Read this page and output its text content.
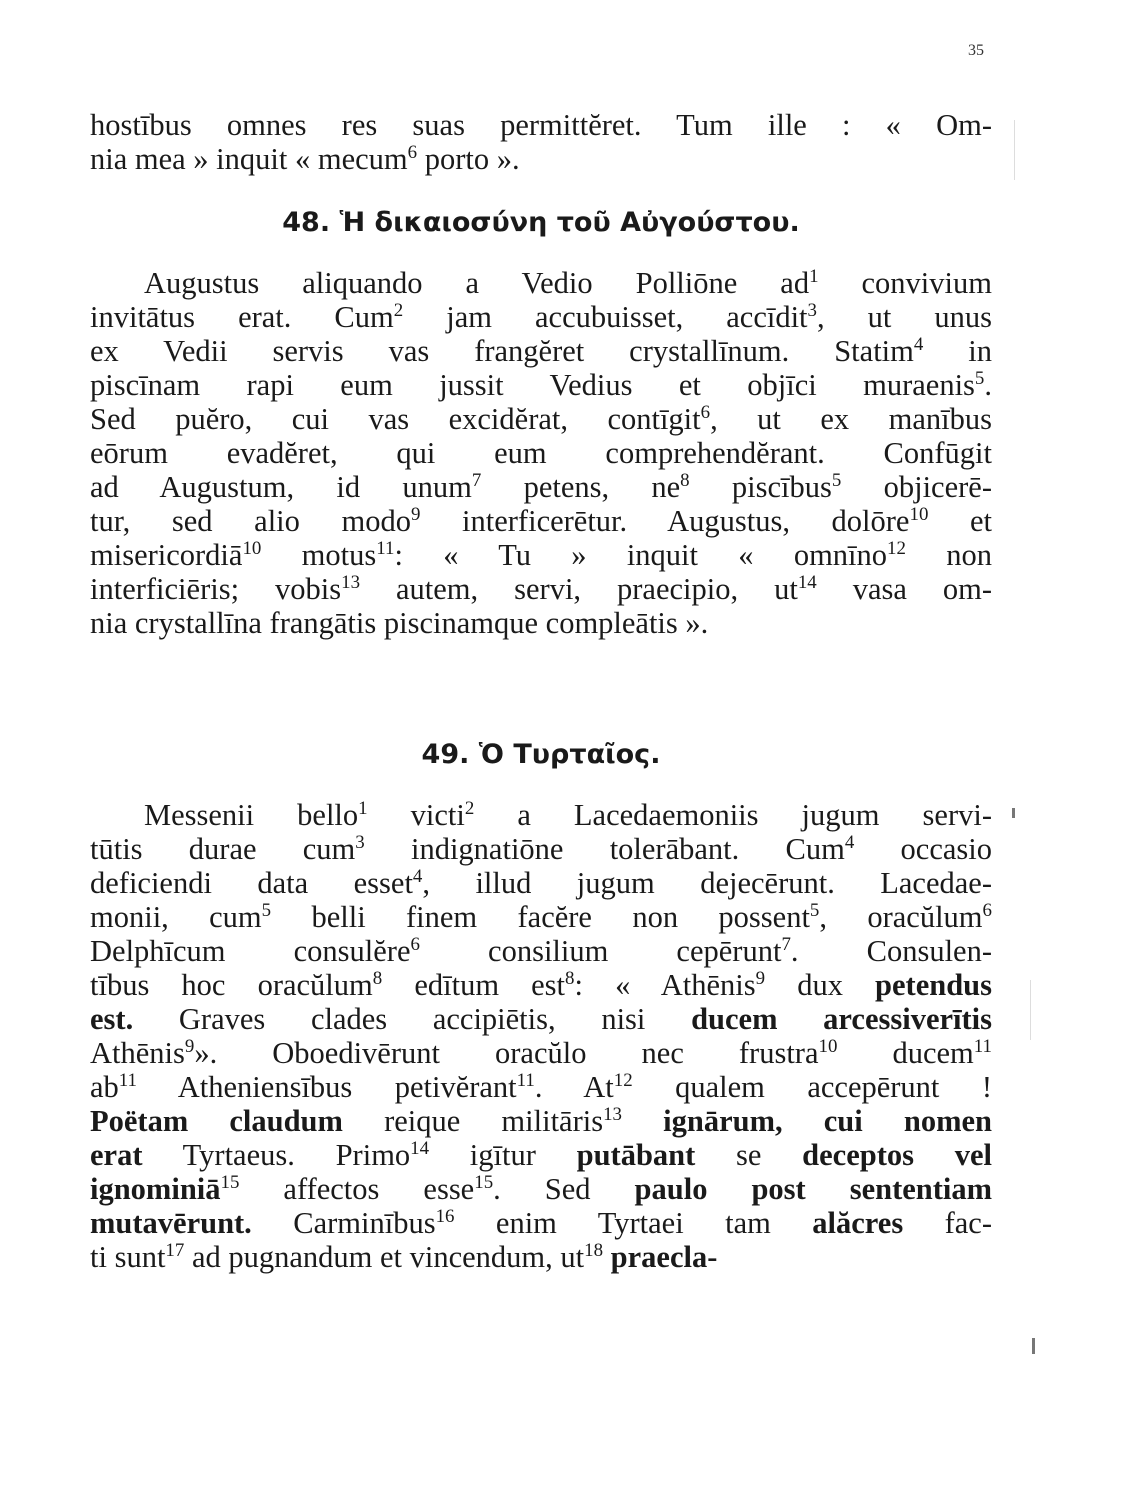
35
hostībus omnes res suas permittĕret. Tum ille : « Om-
nia mea » inquit « mecum$^6$ porto ».
48. Ἡ δικαιοσύνη τοῦ Αὐγούστου.
Augustus aliquando a Vedio Polliōne $ad^1$ convivium
invitātus erat. Cum$^2$ jam accubuisset, accīdit$^3$, ut unus
ex Vedii servis vas frangĕret crystallīnum. Statim$^4$ in
piscīnam rapi eum jussit Vedius et objīci muraenis$^5$.
Sed puĕro, cui vas excidĕrat, contīgit$^6$, ut ex manībus
eōrum evadĕret, qui eum comprehendĕrant. Confūgit
ad Augustum, id unum$^7$ petens, $ne^8$ piscībus$^5$ objicerē-
tur, sed alio modo$^9$ interficerētur. Augustus, dolōre$^{10}$ et
misericordiā$^{10}$ motus$^{11}$: « Tu » inquit « omnīno$^{12}$ non
interficiēris; vobis$^{13}$ autem, servi, praecipio, $ut^{14}$ vasa om-
nia crystallīna frangātis piscinamque compleātis ».
49. Ὁ Τυρταῖος.
Messenii bello$^1$ victi$^2$ a Lacedaemoniis jugum servi-
tūtis durae cum$^3$ indignatiōne tolerābant. Cum$^4$ occasio
deficiendi data esset$^4$, illud jugum dejecērunt. Lacedae-
monii, cum$^5$ belli finem facĕre non possent$^5$, oracŭlum$^6$
Delphīcum consulĕre$^6$ consilium cepērunt$^7$. Consulen-
tībus hoc oracŭlum$^8$ edītum est$^8$: « Athēnis$^9$ dux petendus
est. Graves clades accipiētis, nisi ducem arcessiverītis
Athēnis$^9$». Oboedivērunt oracŭlo nec frustra$^{10}$ ducem$^{11}$
$ab^{11}$ Atheniensībus petivĕrant$^{11}$. At$^{12}$ qualem accepērunt !
Poëtam claudum reique militāris$^{13}$ ignārum, cui nomen
erat Tyrtaeus. Primo$^{14}$ igītur putābant se deceptos vel
ignominiā$^{15}$ affectos esse$^{15}$. Sed paulo post sententiam
mutavērunt. Carminībus$^{16}$ enim Tyrtaei tam alăcres fac-
ti sunt$^{17}$ ad pugnandum et vincendum, $ut^{18}$ praecla-
